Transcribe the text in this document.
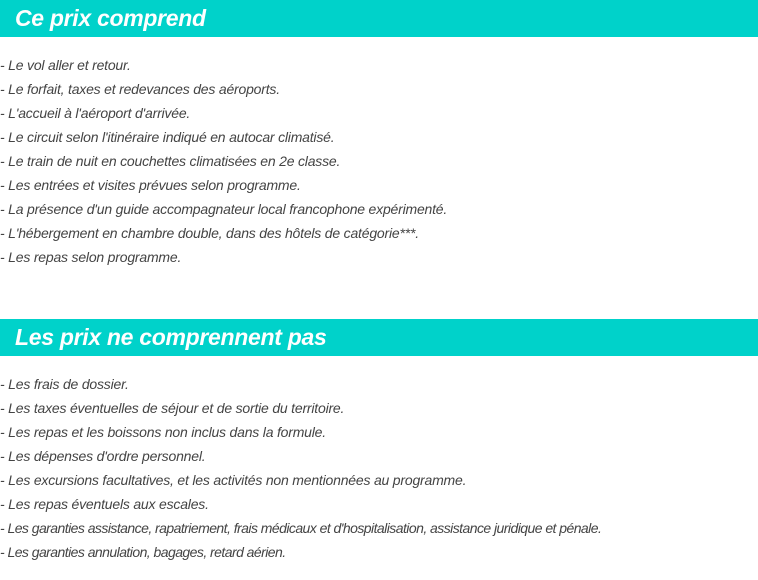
Ce prix comprend
- Le vol aller et retour.
- Le forfait, taxes et redevances des aéroports.
- L'accueil à l'aéroport d'arrivée.
- Le circuit selon l'itinéraire indiqué en autocar climatisé.
- Le train de nuit en couchettes climatisées en 2e classe.
- Les entrées et visites prévues selon programme.
- La présence d'un guide accompagnateur local francophone expérimenté.
- L'hébergement en chambre double, dans des hôtels de catégorie***.
- Les repas selon programme.
Les prix ne comprennent pas
- Les frais de dossier.
- Les taxes éventuelles de séjour et de sortie du territoire.
- Les repas et les boissons non inclus dans la formule.
- Les dépenses d'ordre personnel.
- Les excursions facultatives, et les activités non mentionnées au programme.
- Les repas éventuels aux escales.
- Les garanties assistance, rapatriement, frais médicaux et d'hospitalisation, assistance juridique et pénale.
- Les garanties annulation, bagages, retard aérien.
